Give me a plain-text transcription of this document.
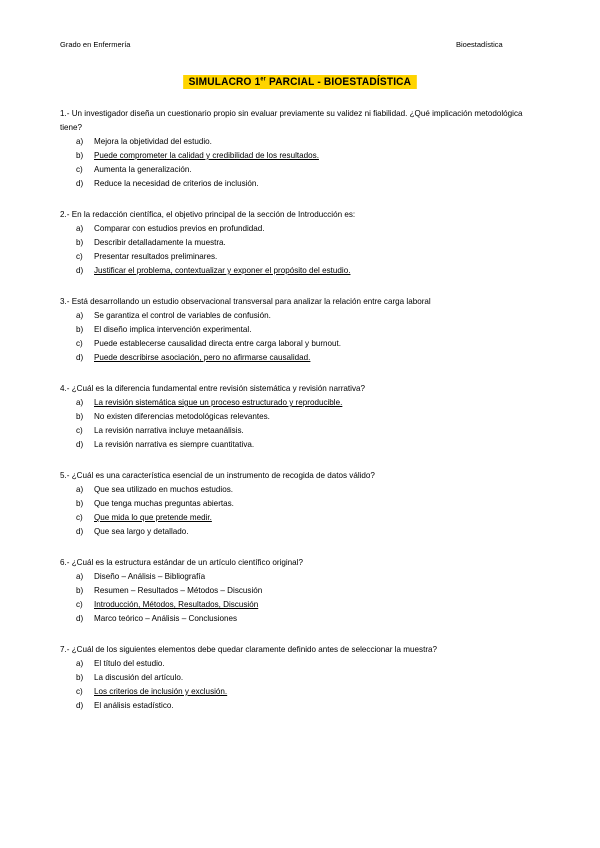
Grado en Enfermería	Bioestadística
SIMULACRO 1er PARCIAL - BIOESTADÍSTICA
1.- Un investigador diseña un cuestionario propio sin evaluar previamente su validez ni fiabilidad. ¿Qué implicación metodológica tiene?
a)	Mejora la objetividad del estudio.
b)	Puede comprometer la calidad y credibilidad de los resultados.
c)	Aumenta la generalización.
d)	Reduce la necesidad de criterios de inclusión.
2.- En la redacción científica, el objetivo principal de la sección de Introducción es:
a)	Comparar con estudios previos en profundidad.
b)	Describir detalladamente la muestra.
c)	Presentar resultados preliminares.
d)	Justificar el problema, contextualizar y exponer el propósito del estudio.
3.- Está desarrollando un estudio observacional transversal para analizar la relación entre carga laboral
a)	Se garantiza el control de variables de confusión.
b)	El diseño implica intervención experimental.
c)	Puede establecerse causalidad directa entre carga laboral y burnout.
d)	Puede describirse asociación, pero no afirmarse causalidad.
4.- ¿Cuál es la diferencia fundamental entre revisión sistemática y revisión narrativa?
a)	La revisión sistemática sigue un proceso estructurado y reproducible.
b)	No existen diferencias metodológicas relevantes.
c)	La revisión narrativa incluye metaanálisis.
d)	La revisión narrativa es siempre cuantitativa.
5.- ¿Cuál es una característica esencial de un instrumento de recogida de datos válido?
a)	Que sea utilizado en muchos estudios.
b)	Que tenga muchas preguntas abiertas.
c)	Que mida lo que pretende medir.
d)	Que sea largo y detallado.
6.- ¿Cuál es la estructura estándar de un artículo científico original?
a)	Diseño – Análisis – Bibliografía
b)	Resumen – Resultados – Métodos – Discusión
c)	Introducción, Métodos, Resultados, Discusión
d)	Marco teórico – Análisis – Conclusiones
7.- ¿Cuál de los siguientes elementos debe quedar claramente definido antes de seleccionar la muestra?
a)	El título del estudio.
b)	La discusión del artículo.
c)	Los criterios de inclusión y exclusión.
d)	El análisis estadístico.
